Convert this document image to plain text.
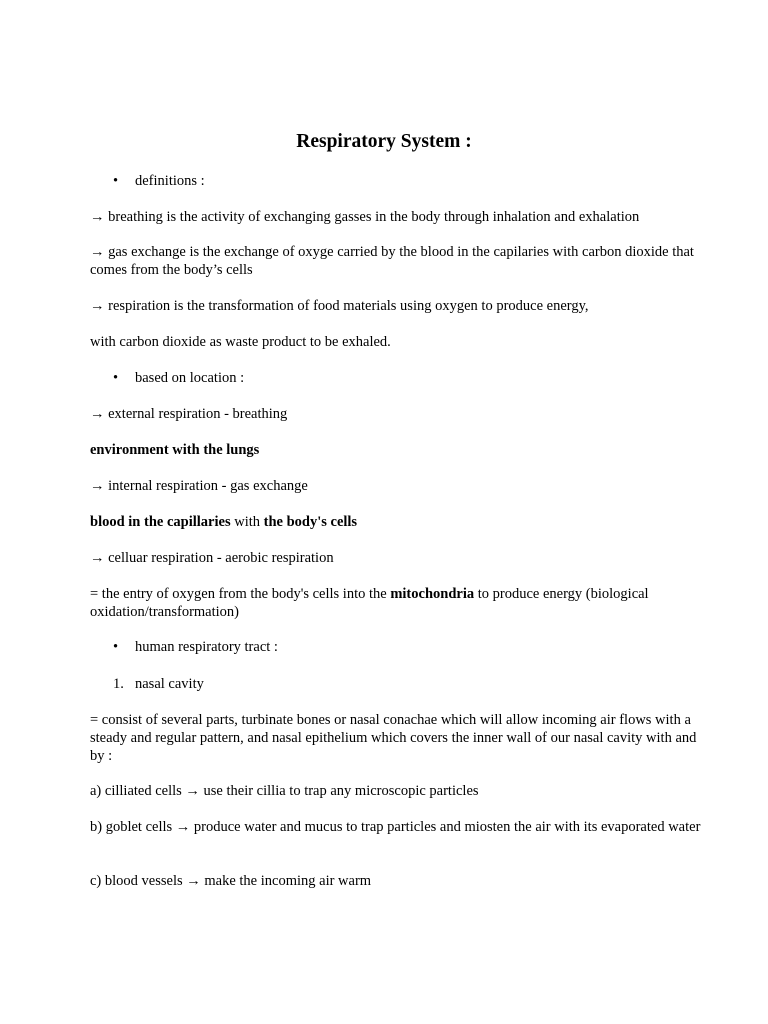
Respiratory System :
• definitions :

→ breathing is the activity of exchanging gasses in the body through inhalation and exhalation

→ gas exchange is the exchange of oxyge carried by the blood in the capilaries with carbon dioxide that comes from the body’s cells

→ respiration is the transformation of food materials using oxygen to produce energy,

with carbon dioxide as waste product to be exhaled.

• based on location :

→ external respiration - breathing

environment with the lungs

→ internal respiration - gas exchange

blood in the capillaries with the body's cells

→ celluar respiration - aerobic respiration

= the entry of oxygen from the body's cells into the mitochondria to produce energy (biological oxidation/transformation)

• human respiratory tract :

1. nasal cavity

= consist of several parts, turbinate bones or nasal conachae which will allow incoming air flows with a steady and regular pattern, and nasal epithelium which covers the inner wall of our nasal cavity with and by :

a) cilliated cells → use their cillia to trap any microscopic particles

b) goblet cells → produce water and mucus to trap particles and miosten the air with its evaporated water

c) blood vessels → make the incoming air warm
